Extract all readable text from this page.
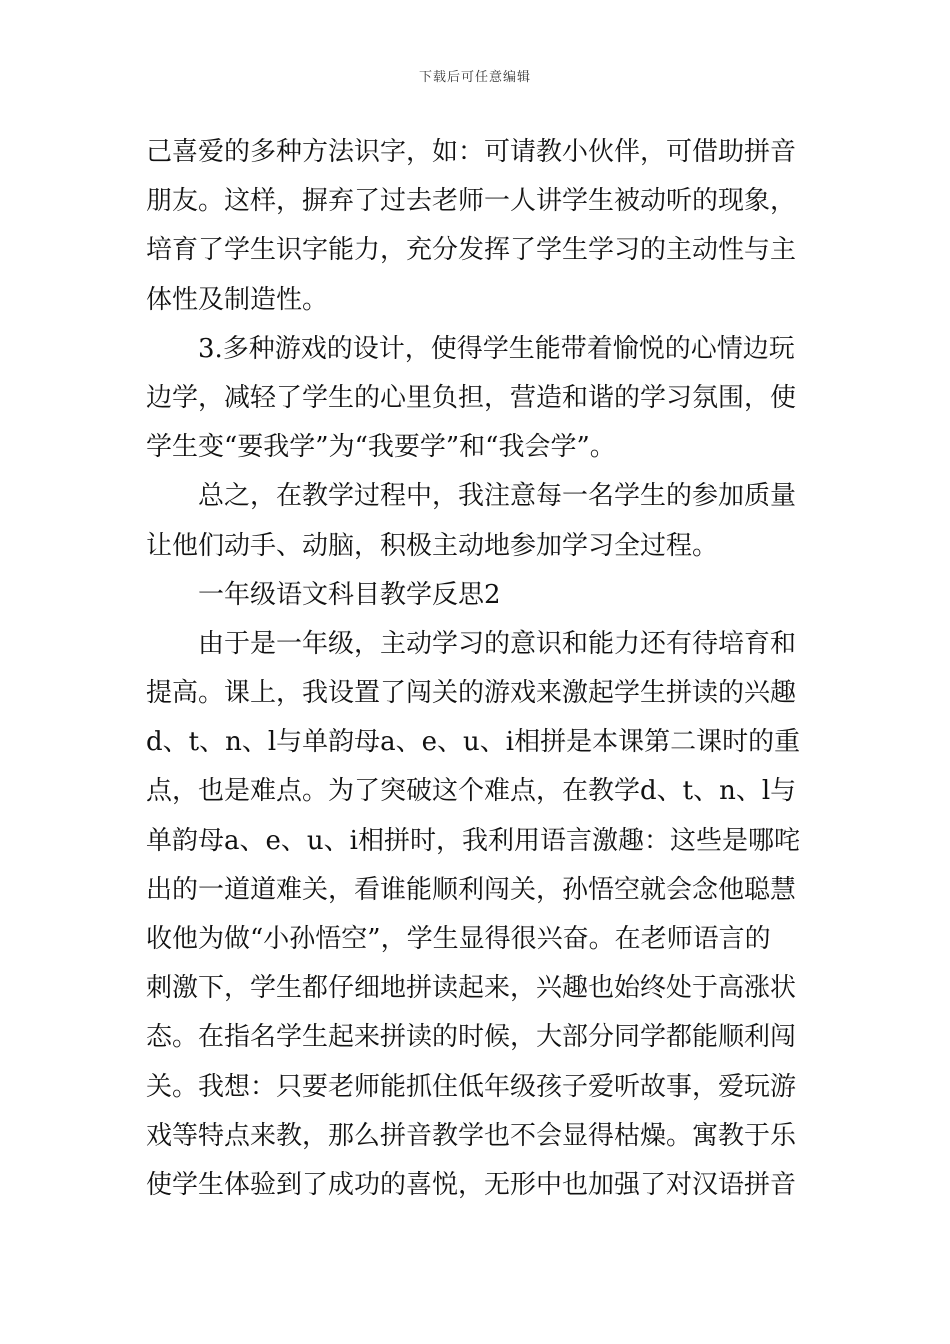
下载后可任意编辑
己喜爱的多种方法识字，如：可请教小伙伴，可借助拼音
朋友。这样，摒弃了过去老师一人讲学生被动听的现象，
培育了学生识字能力，充分发挥了学生学习的主动性与主
体性及制造性。
3.多种游戏的设计，使得学生能带着愉悦的心情边玩
边学，减轻了学生的心里负担，营造和谐的学习氛围，使
学生变“要我学”为“我要学”和“我会学”。
总之，在教学过程中，我注意每一名学生的参加质量
让他们动手、动脑，积极主动地参加学习全过程。
一年级语文科目教学反思2
由于是一年级，主动学习的意识和能力还有待培育和
提高。课上，我设置了闯关的游戏来激起学生拼读的兴趣
d、t、n、l与单韵母a、e、u、i相拼是本课第二课时的重
点，也是难点。为了突破这个难点，在教学d、t、n、l与
单韵母a、e、u、i相拼时，我利用语言激趣：这些是哪咤
出的一道道难关，看谁能顺利闯关，孙悟空就会念他聪慧
收他为做“小孙悟空”，学生显得很兴奋。在老师语言的
刺激下，学生都仔细地拼读起来，兴趣也始终处于高涨状
态。在指名学生起来拼读的时候，大部分同学都能顺利闯
关。我想：只要老师能抓住低年级孩子爱听故事，爱玩游
戏等特点来教，那么拼音教学也不会显得枯燥。寓教于乐
使学生体验到了成功的喜悦，无形中也加强了对汉语拼音
